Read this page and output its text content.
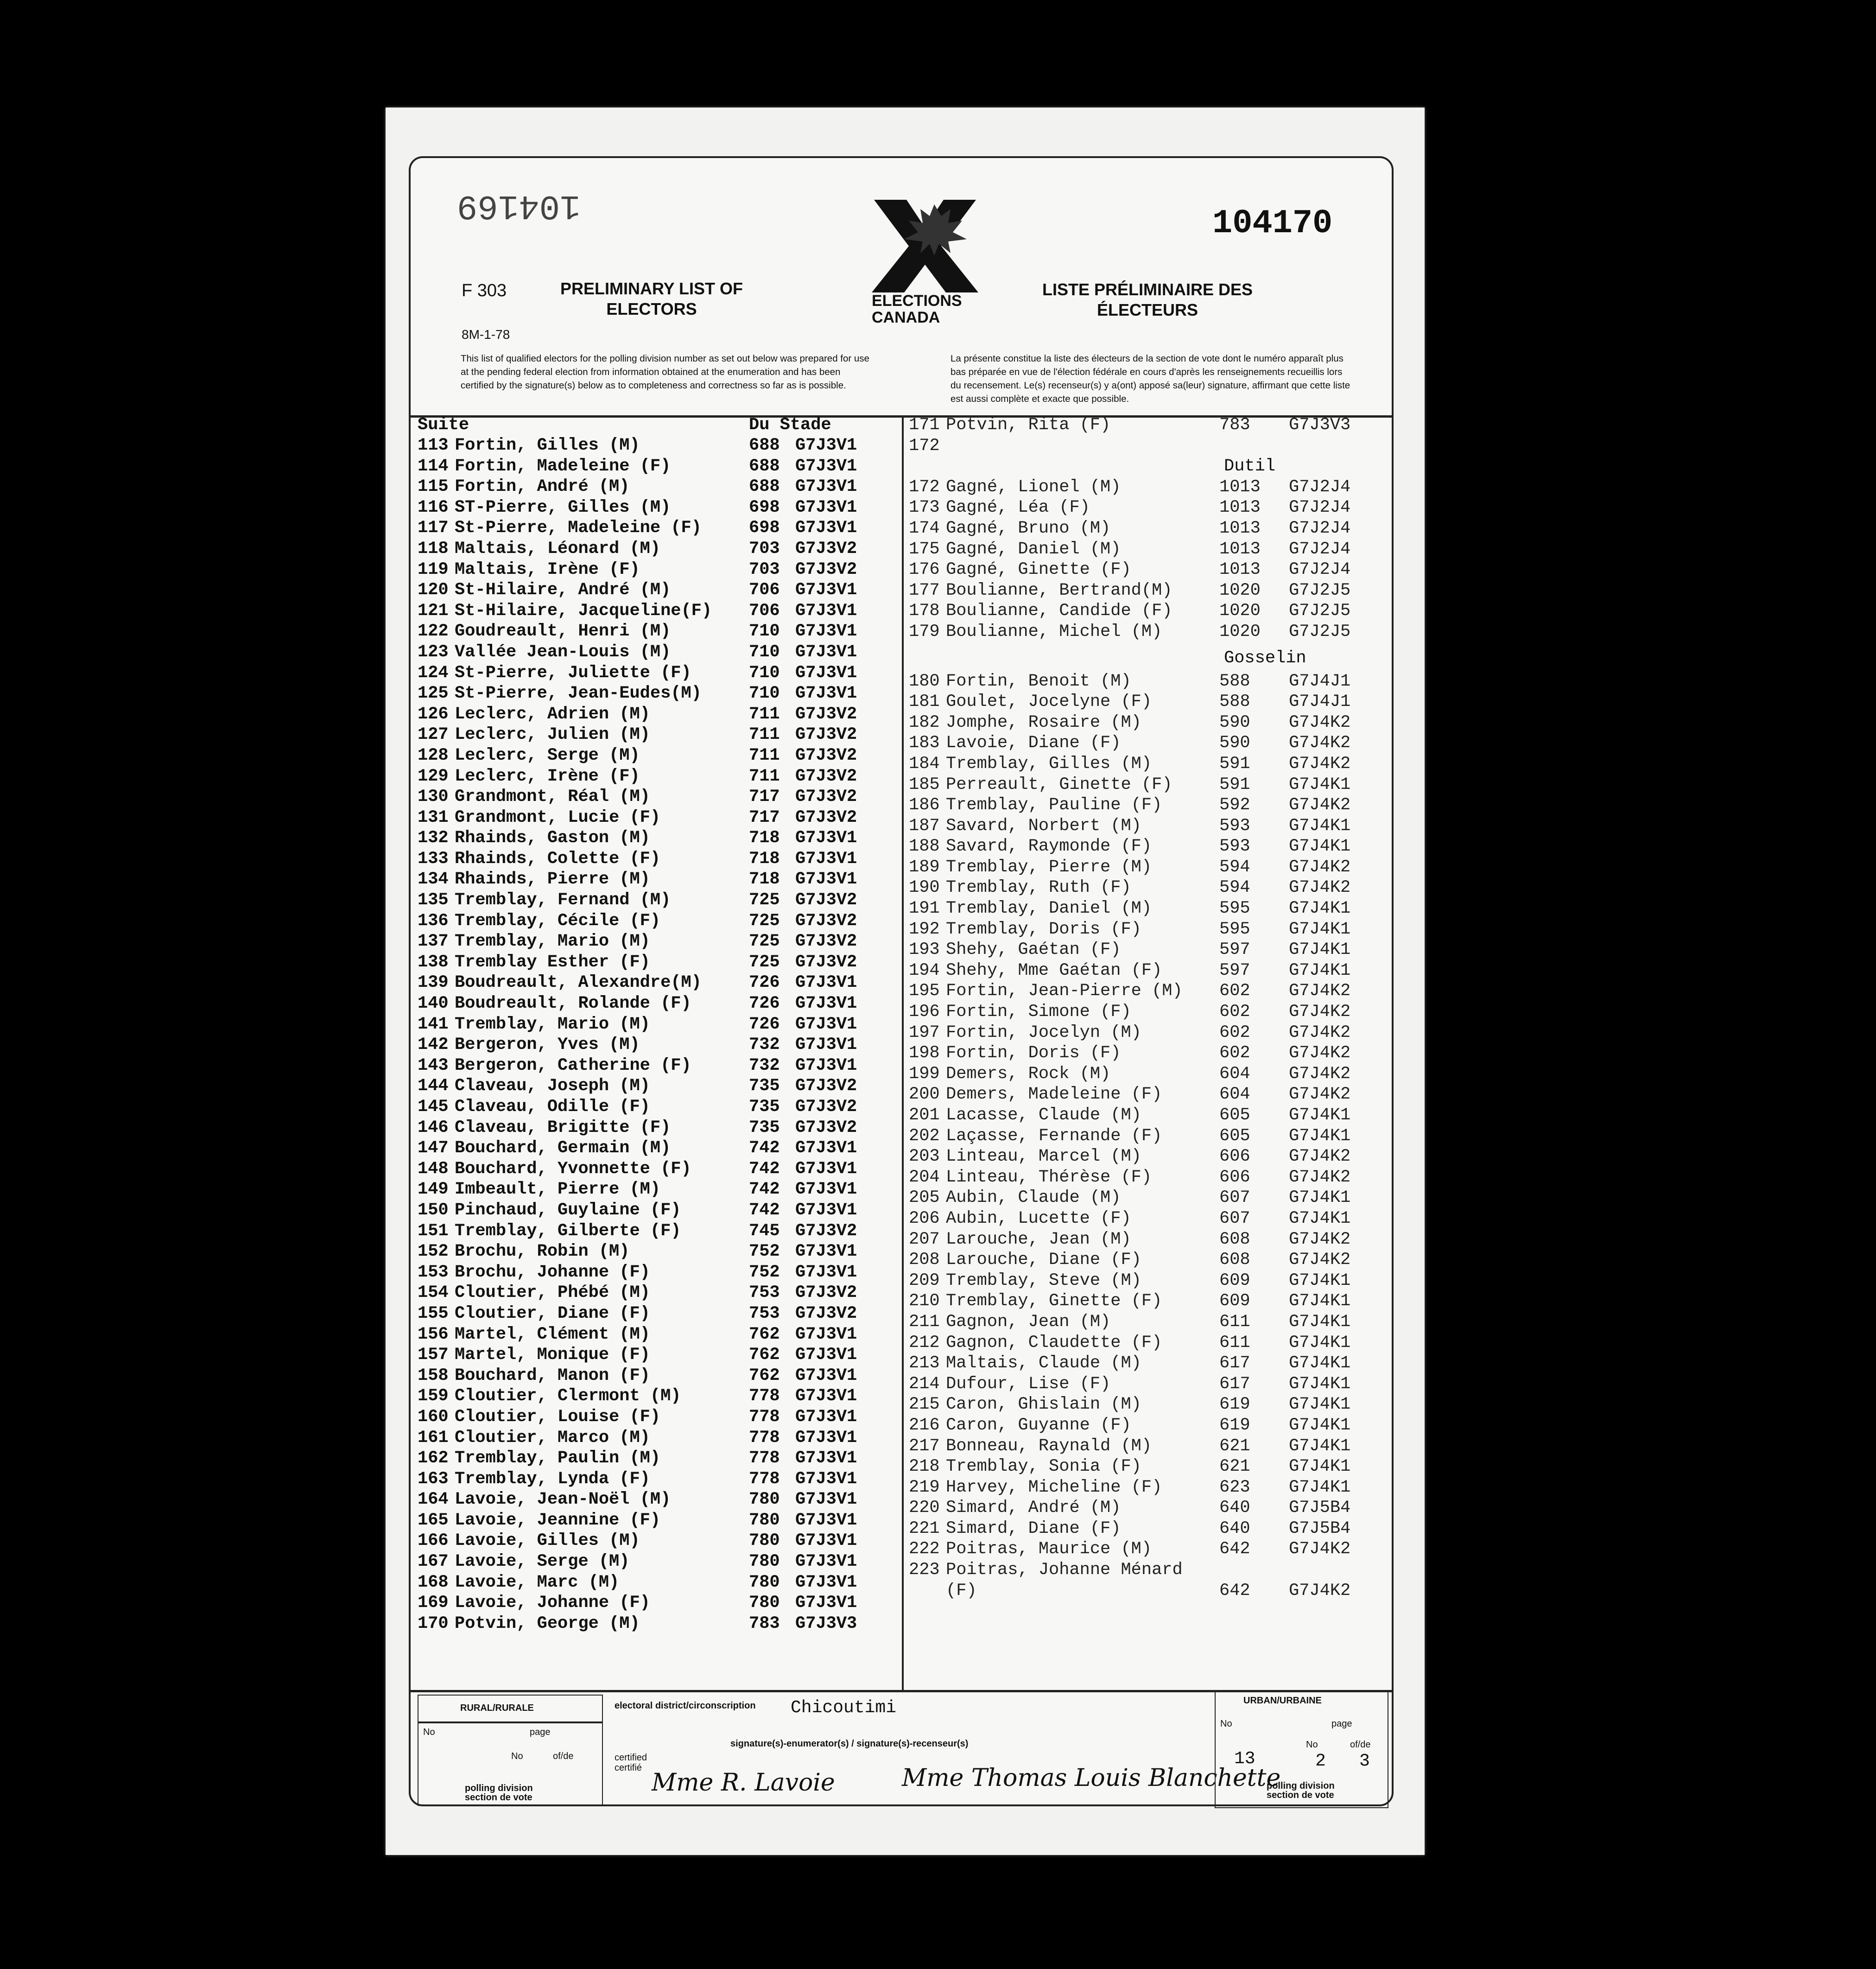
104169
F 303
8M-1-78
PRELIMINARY LIST OF
ELECTORS	ELECTIONS
CANADA
104170
LISTE PRÉLIMINAIRE DES
ÉLECTEURS
This list of qualified electors for the polling division number as set out below was prepared for use at the pending federal election from information obtained at the enumeration and has been certified by the signature(s) below as to completeness and correctness so far as is possible.
La présente constitue la liste des électeurs de la section de vote dont le numéro apparaît plus bas préparée en vue de l'élection fédérale en cours d'après les renseignements recueillis lors du recensement. Le(s) recenseur(s) y a(ont) apposé sa(leur) signature, affirmant que cette liste est aussi complète et exacte que possible.
Suite	Du Stade
113 Fortin, Gilles (M)	688 G7J3V1
114 Fortin, Madeleine (F)	688 G7J3V1
115 Fortin, André (M)	688 G7J3V1
116 ST-Pierre, Gilles (M)	698 G7J3V1
117 St-Pierre, Madeleine (F)	698 G7J3V1
118 Maltais, Léonard (M)	703 G7J3V2
119 Maltais, Irène (F)	703 G7J3V2
120 St-Hilaire, André (M)	706 G7J3V1
121 St-Hilaire, Jacqueline(F) 706 G7J3V1
122 Goudreault, Henri (M)	710 G7J3V1
123 Vallée Jean-Louis (M)	710 G7J3V1
124 St-Pierre, Juliette (F)	710 G7J3V1
125 St-Pierre, Jean-Eudes(M)	710 G7J3V1
126 Leclerc, Adrien (M)	711 G7J3V2
127 Leclerc, Julien (M)	711 G7J3V2
128 Leclerc, Serge (M)	711 G7J3V2
129 Leclerc, Irène (F)	711 G7J3V2
130 Grandmont, Réal (M)	717 G7J3V2
131 Grandmont, Lucie (F)	717 G7J3V2
132 Rhainds, Gaston (M)	718 G7J3V1
133 Rhainds, Colette (F)	718 G7J3V1
134 Rhainds, Pierre (M)	718 G7J3V1
135 Tremblay, Fernand (M)	725 G7J3V2
136 Tremblay, Cécile (F)	725 G7J3V2
137 Tremblay, Mario (M)	725 G7J3V2
138 Tremblay Esther (F)	725 G7J3V2
139 Boudreault, Alexandre(M)	726 G7J3V1
140 Boudreault, Rolande (F)	726 G7J3V1
141 Tremblay, Mario (M)	726 G7J3V1
142 Bergeron, Yves (M)	732 G7J3V1
143 Bergeron, Catherine (F)	732 G7J3V1
144 Claveau, Joseph (M)	735 G7J3V2
145 Claveau, Odille (F)	735 G7J3V2
146 Claveau, Brigitte (F)	735 G7J3V2
147 Bouchard, Germain (M)	742 G7J3V1
148 Bouchard, Yvonnette (F)	742 G7J3V1
149 Imbeault, Pierre (M)	742 G7J3V1
150 Pinchaud, Guylaine (F)	742 G7J3V1
151 Tremblay, Gilberte (F)	745 G7J3V2
152 Brochu, Robin (M)	752 G7J3V1
153 Brochu, Johanne (F)	752 G7J3V1
154 Cloutier, Phébé (M)	753 G7J3V2
155 Cloutier, Diane (F)	753 G7J3V2
156 Martel, Clément (M)	762 G7J3V1
157 Martel, Monique (F)	762 G7J3V1
158 Bouchard, Manon (F)	762 G7J3V1
159 Cloutier, Clermont (M)	778 G7J3V1
160 Cloutier, Louise (F)	778 G7J3V1
161 Cloutier, Marco (M)	778 G7J3V1
162 Tremblay, Paulin (M)	778 G7J3V1
163 Tremblay, Lynda (F)	778 G7J3V1
164 Lavoie, Jean-Noël (M)	780 G7J3V1
165 Lavoie, Jeannine (F)	780 G7J3V1
166 Lavoie, Gilles (M)	780 G7J3V1
167 Lavoie, Serge (M)	780 G7J3V1
168 Lavoie, Marc (M)	780 G7J3V1
169 Lavoie, Johanne (F)	780 G7J3V1
170 Potvin, George (M)	783 G7J3V3
171 Potvin, Rita (F)	783 G7J3V3
172
Dutil
172 Gagné, Lionel (M)	1013 G7J2J4
173 Gagné, Léa (F)	1013 G7J2J4
174 Gagné, Bruno (M)	1013 G7J2J4
175 Gagné, Daniel (M)	1013 G7J2J4
176 Gagné, Ginette (F)	1013 G7J2J4
177 Boulianne, Bertrand(M)	1020 G7J2J5
178 Boulianne, Candide (F)	1020 G7J2J5
179 Boulianne, Michel (M)	1020 G7J2J5
Gosselin
180 Fortin, Benoit (M)	588 G7J4J1
181 Goulet, Jocelyne (F)	588 G7J4J1
182 Jomphe, Rosaire (M)	590 G7J4K2
183 Lavoie, Diane (F)	590 G7J4K2
184 Tremblay, Gilles (M)	591 G7J4K2
185 Perreault, Ginette (F)	591 G7J4K1
186 Tremblay, Pauline (F)	592 G7J4K2
187 Savard, Norbert (M)	593 G7J4K1
188 Savard, Raymonde (F)	593 G7J4K1
189 Tremblay, Pierre (M)	594 G7J4K2
190 Tremblay, Ruth (F)	594 G7J4K2
191 Tremblay, Daniel (M)	595 G7J4K1
192 Tremblay, Doris (F)	595 G7J4K1
193 Shehy, Gaétan (F)	597 G7J4K1
194 Shehy, Mme Gaétan (F)	597 G7J4K1
195 Fortin, Jean-Pierre (M) 602 G7J4K2
196 Fortin, Simone (F)	602 G7J4K2
197 Fortin, Jocelyn (M)	602 G7J4K2
198 Fortin, Doris (F)	602 G7J4K2
199 Demers, Rock (M)	604 G7J4K2
200 Demers, Madeleine (F)	604 G7J4K2
201 Lacasse, Claude (M)	605 G7J4K1
202 Laçasse, Fernande (F)	605 G7J4K1
203 Linteau, Marcel (M)	606 G7J4K2
204 Linteau, Thérèse (F)	606 G7J4K2
205 Aubin, Claude (M)	607 G7J4K1
206 Aubin, Lucette (F)	607 G7J4K1
207 Larouche, Jean (M)	608 G7J4K2
208 Larouche, Diane (F)	608 G7J4K2
209 Tremblay, Steve (M)	609 G7J4K1
210 Tremblay, Ginette (F)	609 G7J4K1
211 Gagnon, Jean (M)	611 G7J4K1
212 Gagnon, Claudette (F)	611 G7J4K1
213 Maltais, Claude (M)	617 G7J4K1
214 Dufour, Lise (F)	617 G7J4K1
215 Caron, Ghislain (M)	619 G7J4K1
216 Caron, Guyanne (F)	619 G7J4K1
217 Bonneau, Raynald (M)	621 G7J4K1
218 Tremblay, Sonia (F)	621 G7J4K1
219 Harvey, Micheline (F)	623 G7J4K1
220 Simard, André (M)	640 G7J5B4
221 Simard, Diane (F)	640 G7J5B4
222 Poitras, Maurice (M)	642 G7J4K2
223 Poitras, Johanne Ménard
(F)	642 G7J4K2
RURAL/RURALE
No	page
No	of/de
polling division
section de vote
electoral district/circonscription Chicoutimi
certified
certifié
signature(s)-enumerator(s) / signature(s)-recenseur(s)
Mme R. Lavoie	Mme Thomas Louis Blanchette
URBAN/URBAINE
No	page
No	of/de
13	2 3
polling division
section de vote
